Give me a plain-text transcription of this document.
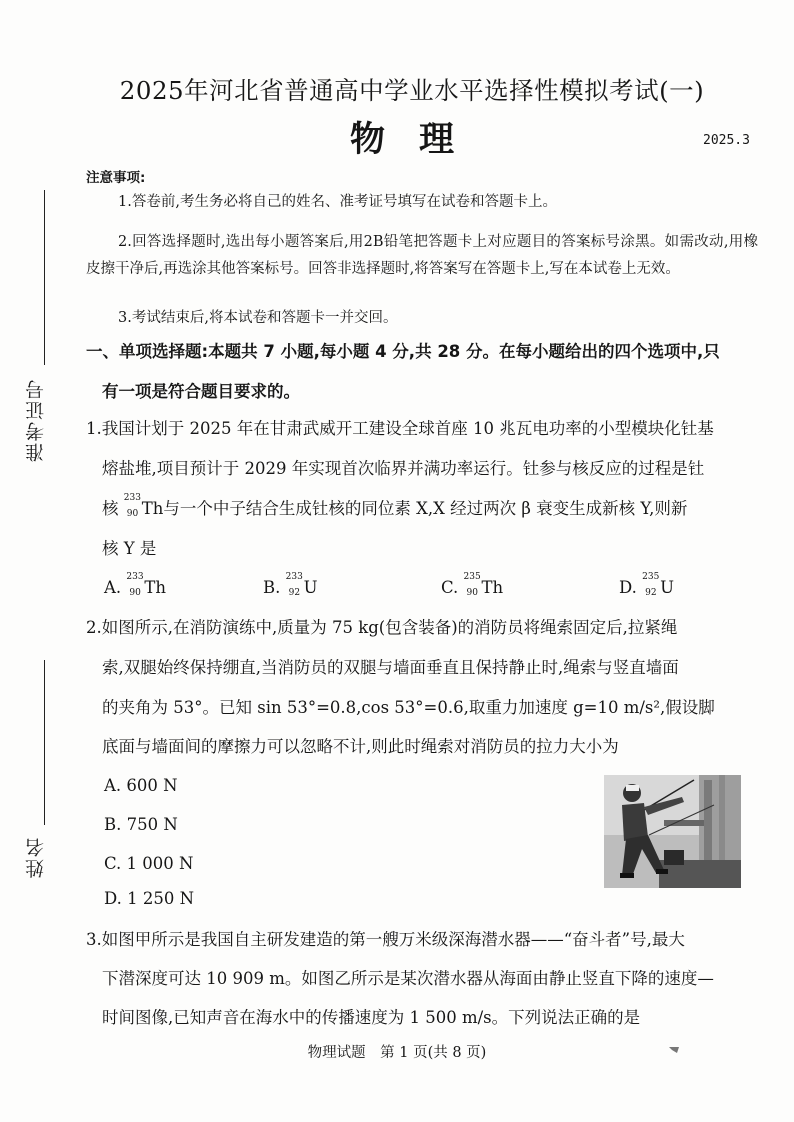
准考证号
姓名
2025年河北省普通高中学业水平选择性模拟考试(一)
物理	2025.3
注意事项:
1.答卷前,考生务必将自己的姓名、准考证号填写在试卷和答题卡上。
2.回答选择题时,选出每小题答案后,用2B铅笔把答题卡上对应题目的答案标号涂黑。如需改动,用橡皮擦干净后,再选涂其他答案标号。回答非选择题时,将答案写在答题卡上,写在本试卷上无效。
3.考试结束后,将本试卷和答题卡一并交回。
一、单项选择题:本题共 7 小题,每小题 4 分,共 28 分。在每小题给出的四个选项中,只
有一项是符合题目要求的。
1.我国计划于 2025 年在甘肃武威开工建设全球首座 10 兆瓦电功率的小型模块化钍基
熔盐堆,项目预计于 2029 年实现首次临界并满功率运行。钍参与核反应的过程是钍
核
233
90 Th与一个中子结合生成钍核的同位素 X,X 经过两次 β 衰变生成新核 Y,则新
核 Y 是
A.
233
90 Th	B.
233
92 U	C.
235
90 Th	D.
235
92 U
2.如图所示,在消防演练中,质量为 75 kg(包含装备)的消防员将绳索固定后,拉紧绳
索,双腿始终保持绷直,当消防员的双腿与墙面垂直且保持静止时,绳索与竖直墙面
的夹角为 53°。已知 sin 53°=0.8,cos 53°=0.6,取重力加速度 g=10 m/s²,假设脚
底面与墙面间的摩擦力可以忽略不计,则此时绳索对消防员的拉力大小为
A. 600 N
B. 750 N
C. 1 000 N
D. 1 250 N
3.如图甲所示是我国自主研发建造的第一艘万米级深海潜水器——“奋斗者”号,最大
下潜深度可达 10 909 m。如图乙所示是某次潜水器从海面由静止竖直下降的速度—
时间图像,已知声音在海水中的传播速度为 1 500 m/s。下列说法正确的是
物理试题　第 1 页(共 8 页)
